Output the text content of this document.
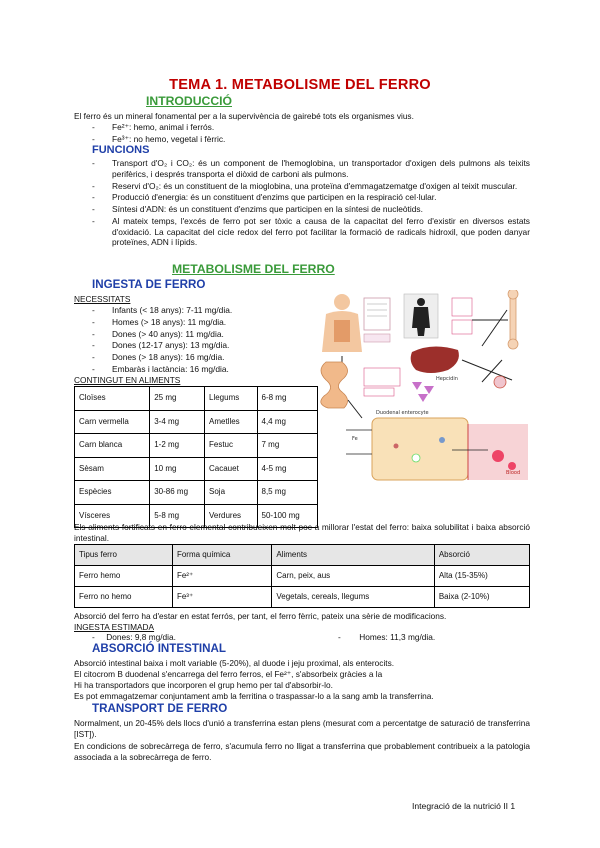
TEMA 1. METABOLISME DEL FERRO
INTRODUCCIÓ
El ferro és un mineral fonamental per a la supervivència de gairebé tots els organismes vius.
- Fe²⁺: hemo, animal i ferrós.
- Fe³⁺: no hemo, vegetal i fèrric.
FUNCIONS
- Transport d'O₂ i CO₂: és un component de l'hemoglobina, un transportador d'oxigen dels pulmons als teixits perifèrics, i després transporta el diòxid de carboni als pulmons.
- Reservi d'O₂: és un constituent de la mioglobina, una proteïna d'emmagatzematge d'oxigen al teixit muscular.
- Producció d'energia: és un constituent d'enzims que participen en la respiració cel·lular.
- Síntesi d'ADN: és un constituent d'enzims que participen en la síntesi de nucleòtids.
- Al mateix temps, l'excés de ferro pot ser tòxic a causa de la capacitat del ferro d'existir en diversos estats d'oxidació. La capacitat del cicle redox del ferro pot facilitar la formació de radicals hidroxil, que poden danyar proteïnes, ADN i lípids.
METABOLISME DEL FERRO
INGESTA DE FERRO
NECESSITATS
- Infants (< 18 anys): 7-11 mg/dia.
- Homes (> 18 anys): 11 mg/dia.
- Dones (> 40 anys): 11 mg/dia.
- Dones (12-17 anys): 13 mg/dia.
- Dones (> 18 anys): 16 mg/dia.
- Embaràs i lactància: 16 mg/dia.
CONTINGUT EN ALIMENTS
Cloïses	25 mg	Llegums	6-8 mg
Carn vermella	3-4 mg	Ametlles	4,4 mg
Carn blanca	1-2 mg	Festuc	7 mg
Sèsam	10 mg	Cacauet	4-5 mg
Espècies	30-86 mg	Soja	8,5 mg
Vísceres	5-8 mg	Verdures	50-100 mg
Hepcidin
Duodenal enterocyte
Fe
Blood
Els aliments fortificats en ferro elemental contribueixen molt poc a millorar l'estat del ferro: baixa solubilitat i baixa absorció intestinal.
Tipus ferro	Forma química	Aliments	Absorció
Ferro hemo	Fe²⁺	Carn, peix, aus	Alta (15-35%)
Ferro no hemo	Fe³⁺	Vegetals, cereals, llegums	Baixa (2-10%)
Absorció del ferro ha d'estar en estat ferrós, per tant, el ferro fèrric, pateix una sèrie de modificacions.
INGESTA ESTIMADA
-     Dones: 9,8 mg/dia.	-        Homes: 11,3 mg/dia.
ABSORCIÓ INTESTINAL
Absorció intestinal baixa i molt variable (5-20%), al duode i jeju proximal, als enterocits.
El citocrom B duodenal s'encarrega del ferro ferros, el Fe²⁺, s'absorbeix gràcies a la
Hi ha transportadors que incorporen el grup hemo per tal d'absorbir-lo.
Es pot emmagatzemar conjuntament amb la ferritina o traspassar-lo a la sang amb la transferrina.
TRANSPORT DE FERRO
Normalment, un 20-45% dels llocs d'unió a transferrina estan plens (mesurat com a percentatge de saturació de transferrina [IST]).
En condicions de sobrecàrrega de ferro, s'acumula ferro no lligat a transferrina que probablement contribueix a la patologia associada a la sobrecàrrega de ferro.
Integració de la nutrició II 1
